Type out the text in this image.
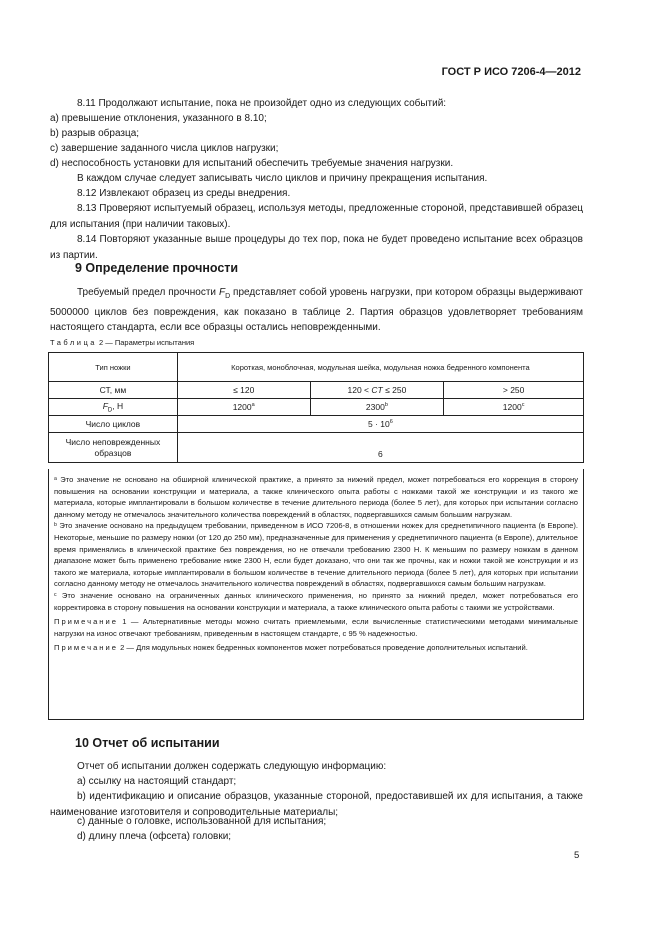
ГОСТ Р ИСО 7206-4—2012

8.11 Продолжают испытание, пока не произойдет одно из следующих событий:

а) превышение отклонения, указанного в 8.10;

b) разрыв образца;

c) завершение заданного числа циклов нагрузки;

d) неспособность установки для испытаний обеспечить требуемые значения нагрузки.

В каждом случае следует записывать число циклов и причину прекращения испытания.

8.12 Извлекают образец из среды внедрения.

8.13 Проверяют испытуемый образец, используя методы, предложенные стороной, представившей образец для испытания (при наличии таковых).

8.14 Повторяют указанные выше процедуры до тех пор, пока не будет проведено испытание всех образцов из партии.

9 Определение прочности

Требуемый предел прочности $F_D$ представляет собой уровень нагрузки, при котором образцы выдерживают 5000000 циклов без повреждения, как показано в таблице 2. Партия образцов удовлетворяет требованиям настоящего стандарта, если все образцы остались неповрежденными.

Таблица 2 — Параметры испытания
Тип ножки	Короткая, моноблочная, модульная шейка, модульная ножка бедренного компонента		
СТ, мм	≤ 120	120 < CT ≤ 250	> 250
$F_D$, Н	1200$^a$	2300$^b$	1200$^c$
Число циклов	$5 \cdot 10^6$
Число неповрежденных образцов	6		

ᵃ Это значение не основано на обширной клинической практике, а принято за нижний предел, может потребоваться его коррекция в сторону повышения на основании конструкции и материала, а также клинического опыта работы с ножками такой же конструкции и из такого же материала, которые имплантировали в большом количестве в течение длительного периода (более 5 лет), для которых при испытании согласно данному методу не отмечалось значительного количества повреждений в областях, подвергавшихся самым большим нагрузкам.

ᵇ Это значение основано на предыдущем требовании, приведенном в ИСО 7206-8, в отношении ножек для среднетипичного пациента (в Европе). Некоторые, меньшие по размеру ножки (от 120 до 250 мм), предназначенные для применения у среднетипичного пациента (в Европе), длительное время применялись в клинической практике без повреждения, но не отвечали требованию 2300 Н. К меньшим по размеру ножкам в данном диапазоне может быть применено требование ниже 2300 Н, если будет доказано, что они так же прочны, как и ножки такой же конструкции и из такого же материала, которые имплантировали в большом количестве в течение длительного периода (более 5 лет), для которых при испытании согласно данному методу не отмечалось значительного количества повреждений в областях, подвергавшихся самым большим нагрузкам.

ᶜ Это значение основано на ограниченных данных клинического применения, но принято за нижний предел, может потребоваться его корректировка в сторону повышения на основании конструкции и материала, а также клинического опыта работы с такими же устройствами.

Примечание 1 — Альтернативные методы можно считать приемлемыми, если вычисленные статистическими методами минимальные нагрузки на износ отвечают требованиям, приведенным в настоящем стандарте, с 95 % надежностью.

Примечание 2 — Для модульных ножек бедренных компонентов может потребоваться проведение дополнительных испытаний.

10 Отчет об испытании

Отчет об испытании должен содержать следующую информацию:

а) ссылку на настоящий стандарт;

b) идентификацию и описание образцов, указанные стороной, предоставившей их для испытания, а также наименование изготовителя и сопроводительные материалы;

c) данные о головке, использованной для испытания;

d) длину плеча (офсета) головки;

5
